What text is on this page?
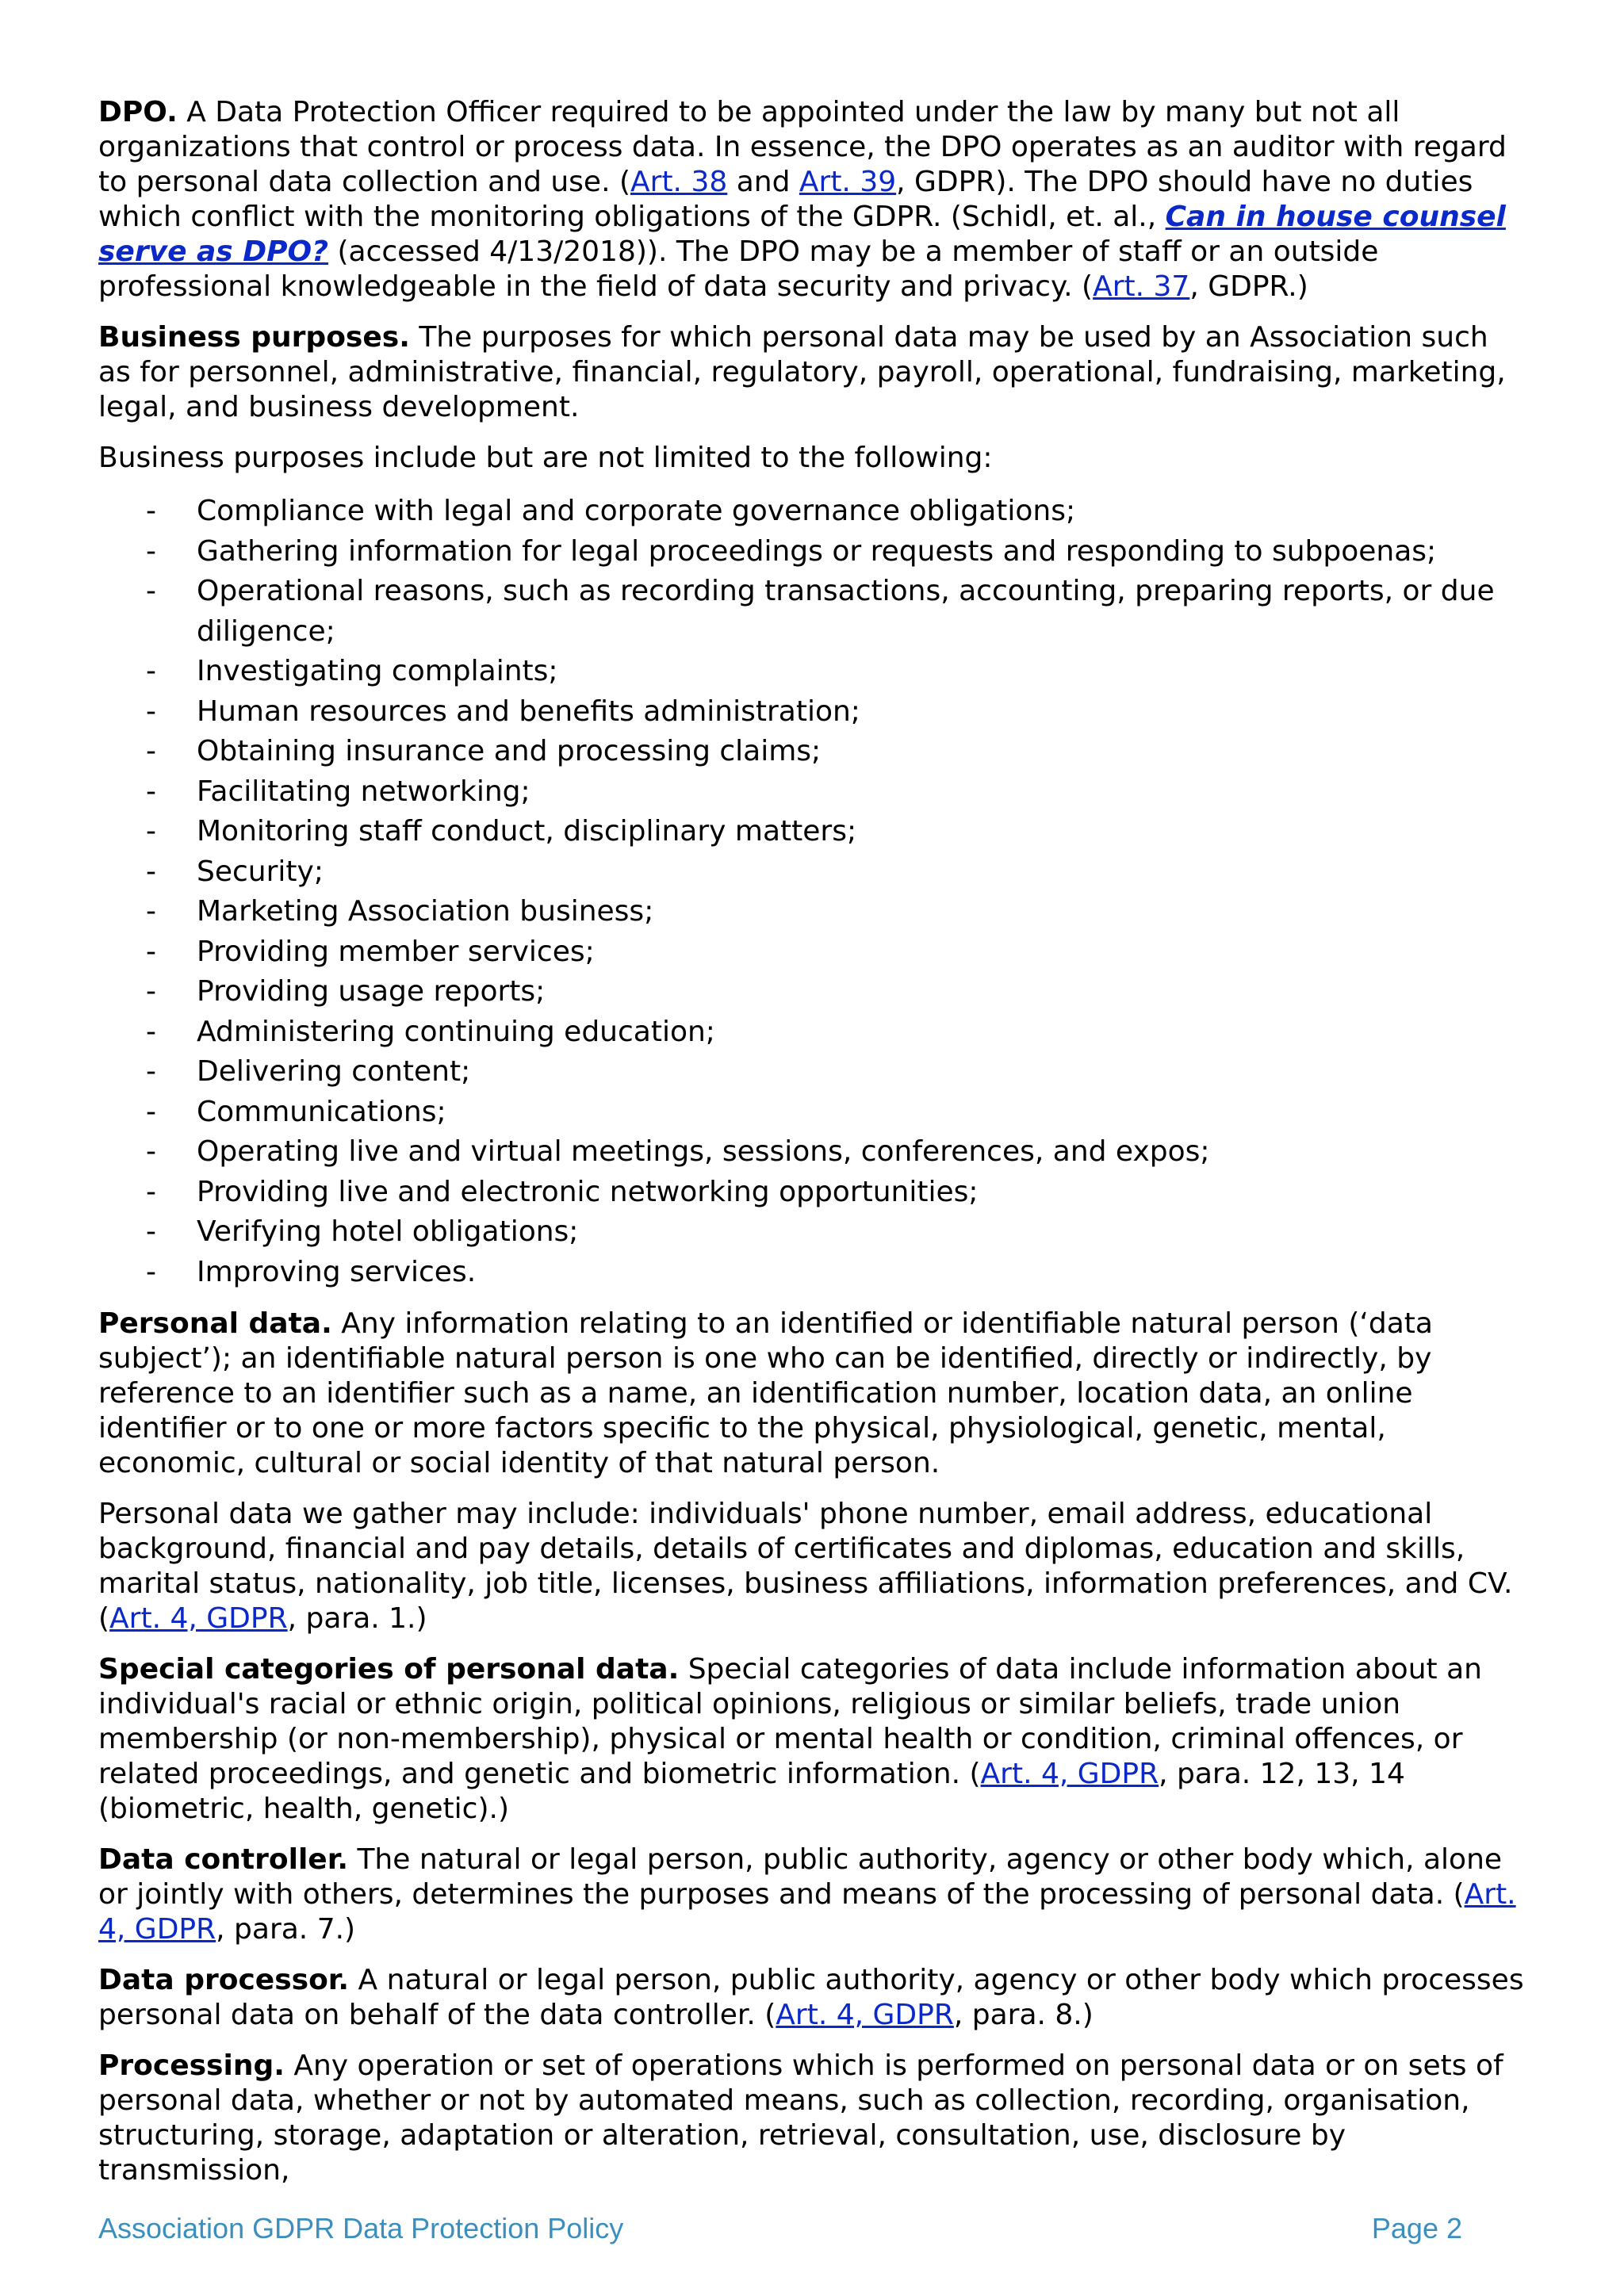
DPO. A Data Protection Officer required to be appointed under the law by many but not all organizations that control or process data. In essence, the DPO operates as an auditor with regard to personal data collection and use. (Art. 38 and Art. 39, GDPR). The DPO should have no duties which conflict with the monitoring obligations of the GDPR. (Schidl, et. al., Can in house counsel serve as DPO? (accessed 4/13/2018)). The DPO may be a member of staff or an outside professional knowledgeable in the field of data security and privacy. (Art. 37, GDPR.)

Business purposes. The purposes for which personal data may be used by an Association such as for personnel, administrative, financial, regulatory, payroll, operational, fundraising, marketing, legal, and business development.

Business purposes include but are not limited to the following:

- Compliance with legal and corporate governance obligations;
- Gathering information for legal proceedings or requests and responding to subpoenas;
- Operational reasons, such as recording transactions, accounting, preparing reports, or due diligence;
- Investigating complaints;
- Human resources and benefits administration;
- Obtaining insurance and processing claims;
- Facilitating networking;
- Monitoring staff conduct, disciplinary matters;
- Security;
- Marketing Association business;
- Providing member services;
- Providing usage reports;
- Administering continuing education;
- Delivering content;
- Communications;
- Operating live and virtual meetings, sessions, conferences, and expos;
- Providing live and electronic networking opportunities;
- Verifying hotel obligations;
- Improving services.

Personal data. Any information relating to an identified or identifiable natural person (‘data subject’); an identifiable natural person is one who can be identified, directly or indirectly, by reference to an identifier such as a name, an identification number, location data, an online identifier or to one or more factors specific to the physical, physiological, genetic, mental, economic, cultural or social identity of that natural person.

Personal data we gather may include: individuals' phone number, email address, educational background, financial and pay details, details of certificates and diplomas, education and skills, marital status, nationality, job title, licenses, business affiliations, information preferences, and CV. (Art. 4, GDPR, para. 1.)

Special categories of personal data. Special categories of data include information about an individual's racial or ethnic origin, political opinions, religious or similar beliefs, trade union membership (or non-membership), physical or mental health or condition, criminal offences, or related proceedings, and genetic and biometric information. (Art. 4, GDPR, para. 12, 13, 14 (biometric, health, genetic).)

Data controller. The natural or legal person, public authority, agency or other body which, alone or jointly with others, determines the purposes and means of the processing of personal data. (Art. 4, GDPR, para. 7.)

Data processor. A natural or legal person, public authority, agency or other body which processes personal data on behalf of the data controller. (Art. 4, GDPR, para. 8.)

Processing. Any operation or set of operations which is performed on personal data or on sets of personal data, whether or not by automated means, such as collection, recording, organisation, structuring, storage, adaptation or alteration, retrieval, consultation, use, disclosure by transmission,

Association GDPR Data Protection Policy	Page 2
